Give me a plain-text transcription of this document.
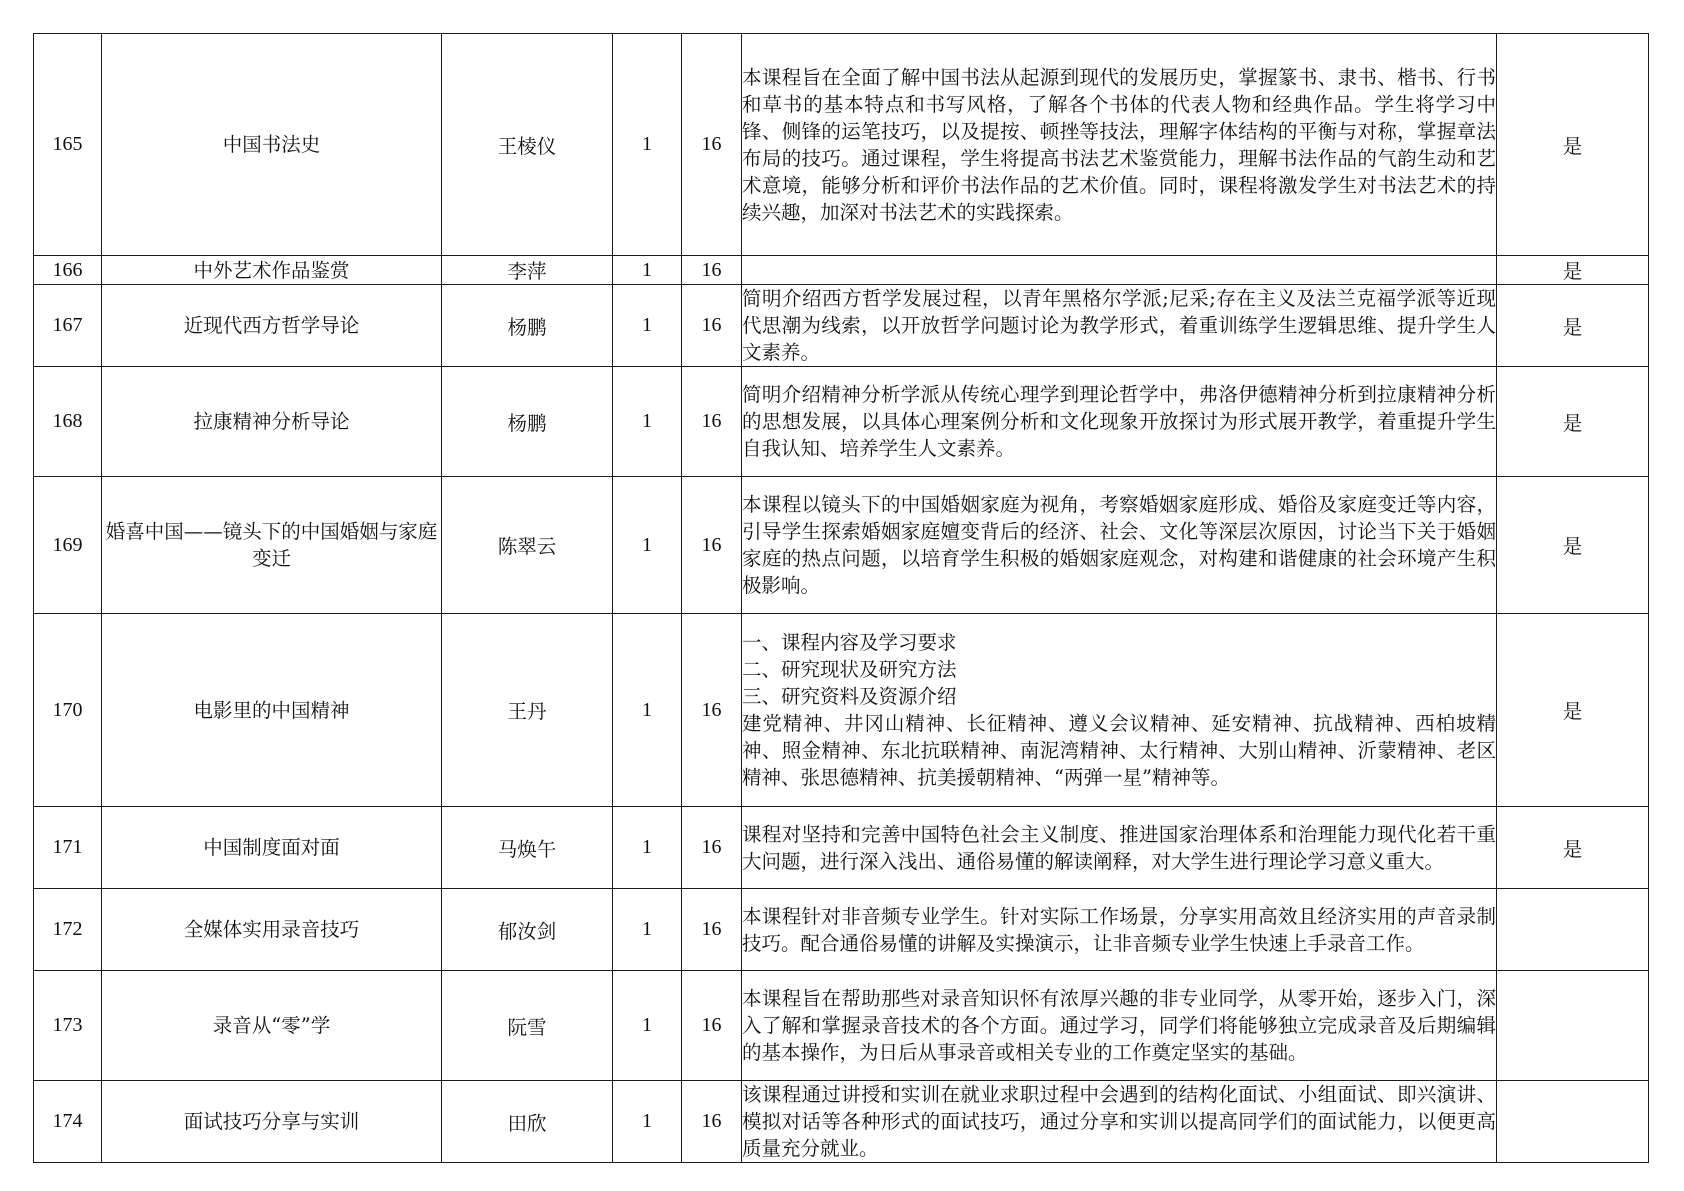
165	中国书法史	王棱仪	1	16	本课程旨在全面了解中国书法从起源到现代的发展历史，掌握篆书、隶书、楷书、行书和草书的基本特点和书写风格，了解各个书体的代表人物和经典作品。学生将学习中锋、侧锋的运笔技巧，以及提按、顿挫等技法，理解字体结构的平衡与对称，掌握章法布局的技巧。通过课程，学生将提高书法艺术鉴赏能力，理解书法作品的气韵生动和艺术意境，能够分析和评价书法作品的艺术价值。同时，课程将激发学生对书法艺术的持续兴趣，加深对书法艺术的实践探索。	是
166	中外艺术作品鉴赏	李萍	1	16		是
167	近现代西方哲学导论	杨鹏	1	16	简明介绍西方哲学发展过程，以青年黑格尔学派;尼采;存在主义及法兰克福学派等近现代思潮为线索，以开放哲学问题讨论为教学形式，着重训练学生逻辑思维、提升学生人文素养。	是
168	拉康精神分析导论	杨鹏	1	16	简明介绍精神分析学派从传统心理学到理论哲学中，弗洛伊德精神分析到拉康精神分析的思想发展，以具体心理案例分析和文化现象开放探讨为形式展开教学，着重提升学生自我认知、培养学生人文素养。	是
169	婚喜中国——镜头下的中国婚姻与家庭变迁	陈翠云	1	16	本课程以镜头下的中国婚姻家庭为视角，考察婚姻家庭形成、婚俗及家庭变迁等内容，引导学生探索婚姻家庭嬗变背后的经济、社会、文化等深层次原因，讨论当下关于婚姻家庭的热点问题，以培育学生积极的婚姻家庭观念，对构建和谐健康的社会环境产生积极影响。	是
170	电影里的中国精神	王丹	1	16	一、课程内容及学习要求
二、研究现状及研究方法
三、研究资料及资源介绍
建党精神、井冈山精神、长征精神、遵义会议精神、延安精神、抗战精神、西柏坡精神、照金精神、东北抗联精神、南泥湾精神、太行精神、大别山精神、沂蒙精神、老区精神、张思德精神、抗美援朝精神、“两弹一星”精神等。	是
171	中国制度面对面	马焕午	1	16	课程对坚持和完善中国特色社会主义制度、推进国家治理体系和治理能力现代化若干重大问题，进行深入浅出、通俗易懂的解读阐释，对大学生进行理论学习意义重大。	是
172	全媒体实用录音技巧	郁汝剑	1	16	本课程针对非音频专业学生。针对实际工作场景，分享实用高效且经济实用的声音录制技巧。配合通俗易懂的讲解及实操演示，让非音频专业学生快速上手录音工作。	
173	录音从“零”学	阮雪	1	16	本课程旨在帮助那些对录音知识怀有浓厚兴趣的非专业同学，从零开始，逐步入门，深入了解和掌握录音技术的各个方面。通过学习，同学们将能够独立完成录音及后期编辑的基本操作，为日后从事录音或相关专业的工作奠定坚实的基础。	
174	面试技巧分享与实训	田欣	1	16	该课程通过讲授和实训在就业求职过程中会遇到的结构化面试、小组面试、即兴演讲、模拟对话等各种形式的面试技巧，通过分享和实训以提高同学们的面试能力，以便更高质量充分就业。	
